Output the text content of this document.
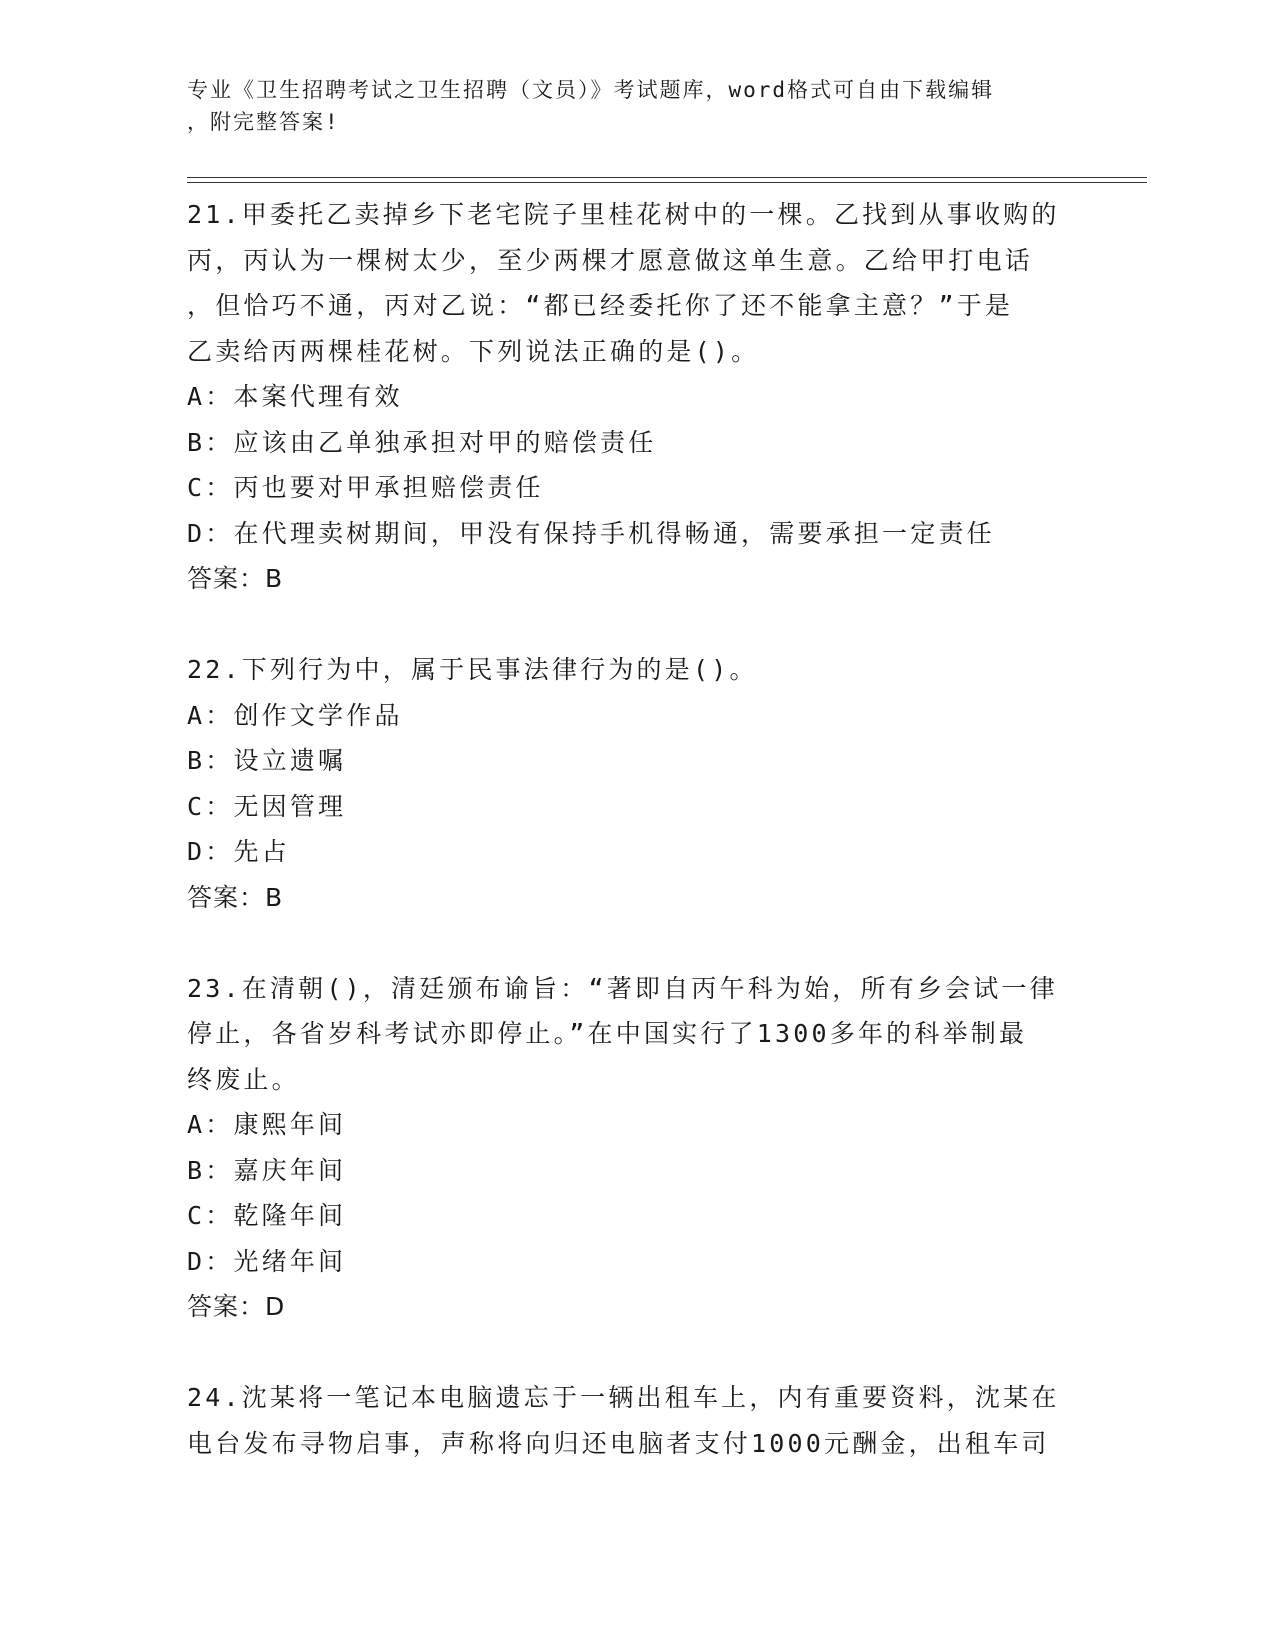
专业《卫生招聘考试之卫生招聘（文员）》考试题库，word格式可自由下载编辑
，附完整答案!
21.甲委托乙卖掉乡下老宅院子里桂花树中的一棵。乙找到从事收购的
丙，丙认为一棵树太少，至少两棵才愿意做这单生意。乙给甲打电话
，但恰巧不通，丙对乙说：“都已经委托你了还不能拿主意？”于是
乙卖给丙两棵桂花树。下列说法正确的是()。
A：本案代理有效
B：应该由乙单独承担对甲的赔偿责任
C：丙也要对甲承担赔偿责任
D：在代理卖树期间，甲没有保持手机得畅通，需要承担一定责任
答案：B
22.下列行为中，属于民事法律行为的是()。
A：创作文学作品
B：设立遗嘱
C：无因管理
D：先占
答案：B
23.在清朝()，清廷颁布谕旨：“著即自丙午科为始，所有乡会试一律
停止，各省岁科考试亦即停止。”在中国实行了1300多年的科举制最
终废止。
A：康熙年间
B：嘉庆年间
C：乾隆年间
D：光绪年间
答案：D
24.沈某将一笔记本电脑遗忘于一辆出租车上，内有重要资料，沈某在
电台发布寻物启事，声称将向归还电脑者支付1000元酬金，出租车司
